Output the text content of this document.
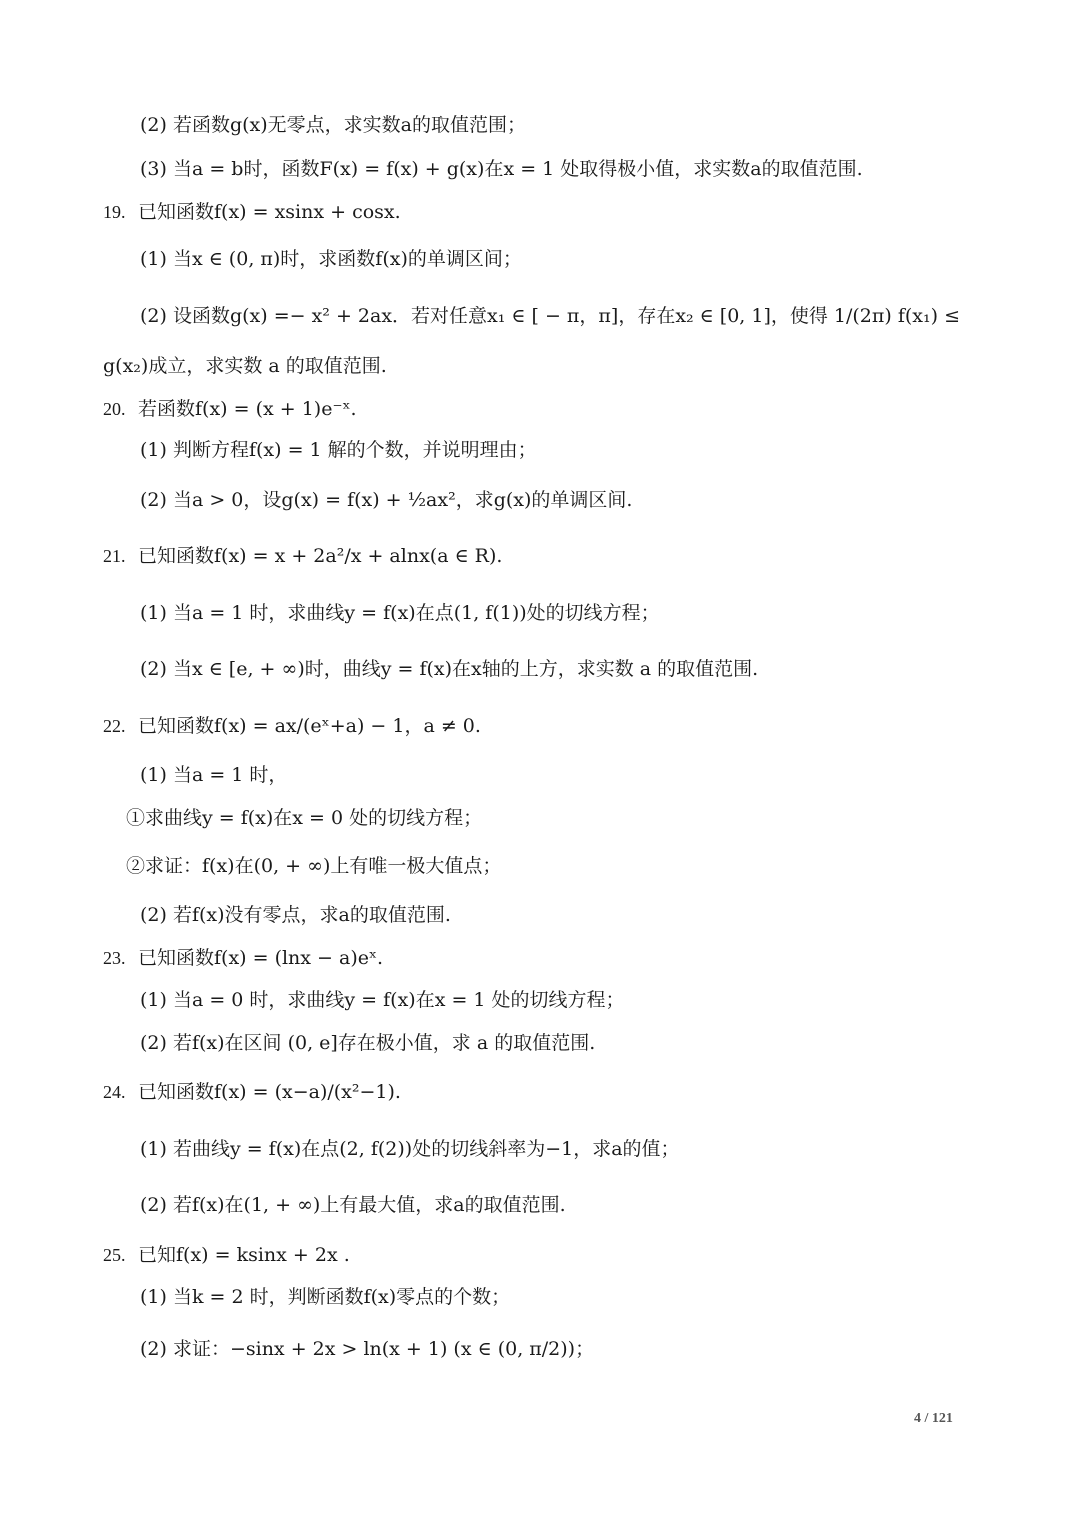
(2) 若函数g(x)无零点，求实数a的取值范围；
(3) 当a = b时，函数F(x) = f(x) + g(x)在x = 1 处取得极小值，求实数a的取值范围.
19. 已知函数f(x) = xsinx + cosx.
(1) 当x ∈ (0, π)时，求函数f(x)的单调区间；
(2) 设函数g(x) =− x² + 2ax．若对任意x₁ ∈ [ − π，π]，存在x₂ ∈ [0, 1]，使得 1/(2π) f(x₁) ≤
g(x₂)成立，求实数 a 的取值范围.
20. 若函数f(x) = (x + 1)e⁻ˣ.
(1) 判断方程f(x) = 1 解的个数，并说明理由；
(2) 当a > 0，设g(x) = f(x) + ½ax²，求g(x)的单调区间.
21. 已知函数f(x) = x + 2a²/x + alnx(a ∈ R).
(1) 当a = 1 时，求曲线y = f(x)在点(1, f(1))处的切线方程；
(2) 当x ∈ [e, + ∞)时，曲线y = f(x)在x轴的上方，求实数 a 的取值范围.
22. 已知函数f(x) = ax/(eˣ+a) − 1，a ≠ 0.
(1) 当a = 1 时，
①求曲线y = f(x)在x = 0 处的切线方程；
②求证：f(x)在(0, + ∞)上有唯一极大值点；
(2) 若f(x)没有零点，求a的取值范围.
23. 已知函数f(x) = (lnx − a)eˣ.
(1) 当a = 0 时，求曲线y = f(x)在x = 1 处的切线方程；
(2) 若f(x)在区间 (0, e]存在极小值，求 a 的取值范围.
24. 已知函数f(x) = (x−a)/(x²−1).
(1) 若曲线y = f(x)在点(2, f(2))处的切线斜率为−1，求a的值；
(2) 若f(x)在(1, + ∞)上有最大值，求a的取值范围.
25. 已知f(x) = ksinx + 2x .
(1) 当k = 2 时，判断函数f(x)零点的个数；
(2) 求证：−sinx + 2x > ln(x + 1) (x ∈ (0, π/2))；
4 / 121
